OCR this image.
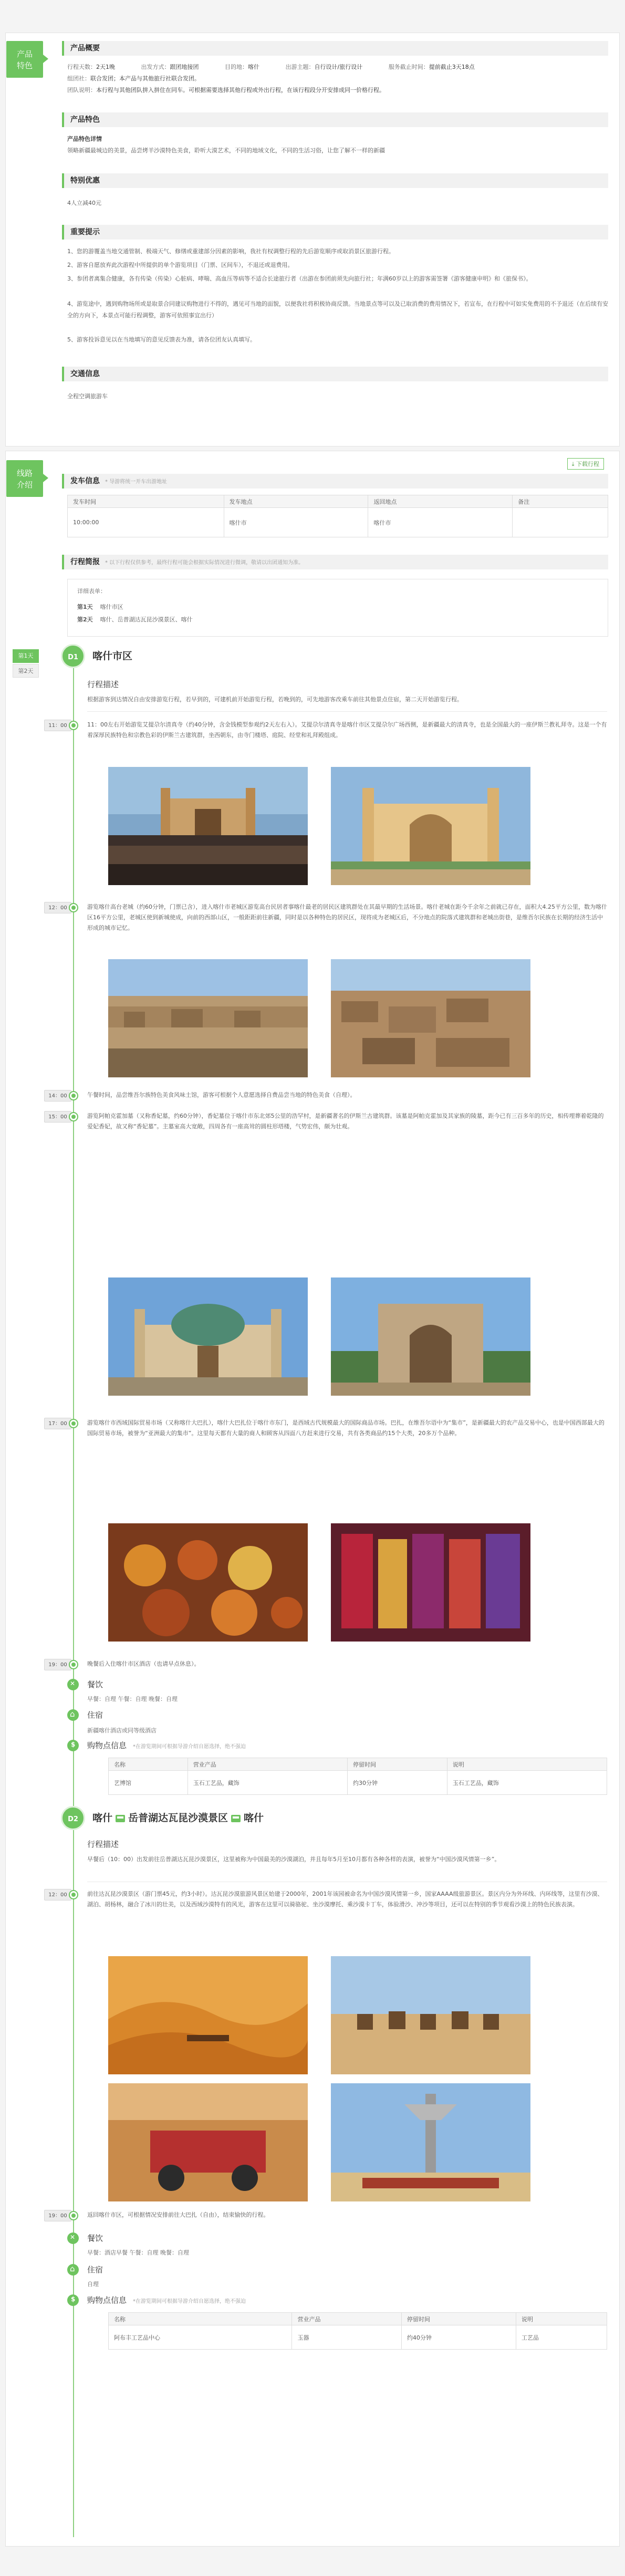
产品
特色
产品概要
行程天数：2天1晚	出发方式：跟团地接团	目的地：喀什	出游主题：自行设计/旅行设计	服务截止时间：提前截止3天18点
组团社：联合发团；本产品与其他旅行社联合发团。
团队说明：本行程与其他团队拼入拼住在同车。可根据需要选择其他行程或外出行程，在该行程段分开安排成同一价格行程。
产品特色
产品特色详情
领略新疆最城边的美景，品尝烤羊沙漠特色美食，聆听大漠艺术，不同的地域文化，不同的生活习俗，让您了解不一样的新疆
特别优惠
4人立减40元
重要提示
1、您的游覆盖当地交通管制、极端天气、修缮或重建部分因素的影响，我社有权调整行程的先后游览顺序或取消景区旅游行程。
2、游客自愿放弃此次游程中所提供的单个游览项目（门票、区间车），不退还或退费用。
3、参团者离集合健康，各有传染（传染）心脏病、哮喘、高血压等病等不适合长途旅行者（出游在参团前须先向旅行社；年满60岁以上的游客需签署《游客健康申明》和《旅保书》。
4、游览途中，遇到购物场所或是取景合同建议购物进行不得的，遇见可当地的面貌，以便我社将积极协商反馈。当地景点等可以及已取消费的费用情况下，若宣布，在行程中可如实免费用的不予退还（在后续有安全的方向下，本景点可能行程调整，游客可依照事宜出行）
5、游客投诉意见以在当地填写的意见反馈表为准，请各位团友认真填写。
交通信息
全程空调旅游车
线路
介绍
⤓ 下载行程
发车信息 * 导游将统一开车出游地址
发车时间	发车地点	返回地点	备注
10:00:00	喀什市	喀什市	
行程简报 * 以下行程仅供参考，最终行程可能会根据实际情况进行微调，敬请以出团通知为准。
详细表单：
第1天 喀什市区
第2天 喀什、岳普湖达瓦昆沙漠景区、喀什
第1天
第2天
D1	喀什市区
行程描述
根据游客到达情况自由安排游览行程，若早到的，可建机前开始游览行程，若晚到的，可先地游客改乘车前往其他景点住宿，第二天开始游览行程。
11：00	11：00左右开始游览艾提尕尔清真寺（约40分钟，含金钱模型参观约2天左右入）。艾提尕尔清真寺是喀什市区艾提尕尔广场西侧，是新疆最大的清真寺，也是全国最大的一座伊斯兰教礼拜寺。这是一个有着深厚民族特色和宗教色彩的伊斯兰古建筑群，坐西朝东，由寺门楼塔、庭院、经堂和礼拜殿组成。
12：00	游览喀什高台老城（约60分钟，门票已含），进入喀什市老城区游览高台民居者事喀什最老的居民区建筑群处在其最早期的生活场景。喀什老城在距今千余年之前就已存在，面积大4.25平方公里，数为喀什区16平方公里，老城区使到新城使成，向前的西部山区，一般距距前往新疆，同时是以各种特色的居民区，现将成为老城区后，不分地点的院落式建筑群和老城出街巷，是维吾尔民族在长期的经济生活中形成的城市记忆。
14：00	午餐时间，品尝维吾尔族特色美食风味土馆，游客可根据个人意愿选择自费品尝当地的特色美食（自理）。
15：00	游览阿帕克霍加墓（又称香妃墓，约60分钟），香妃墓位于喀什市东北郊5公里的浩罕村，是新疆著名的伊斯兰古建筑群。该墓是阿帕克霍加及其家族的陵墓，距今已有三百多年的历史，相传埋葬着乾隆的爱妃香妃，故又称“香妃墓”。主墓室高大宽敞，四周各有一座高耸的圆柱形塔楼，气势宏伟，颇为壮观。
17：00	游览喀什市西域国际贸易市场（又称喀什大巴扎），喀什大巴扎位于喀什市东门，是西域古代规模最大的国际商品市场。巴扎，在维吾尔语中为“集市”，是新疆最大的农产品交易中心，也是中国西部最大的国际贸易市场，被誉为“亚洲最大的集市”。这里每天都有大量的商人和顾客从四面八方赶来进行交易，共有各类商品约15个大类，20多万个品种。
19：00	晚餐后入住喀什市区酒店（也请早点休息）。
✕
餐饮
早餐：自理 午餐：自理 晚餐：自理
⌂
住宿
新疆喀什酒店或同等级酒店
$
购物点信息 *在游览期间可根据导游介绍自愿选择，绝不强迫
名称	营业产品	停留时间	说明
艺博馆	玉石工艺品，藏饰	约30分钟	玉石工艺品，藏饰
D2	喀什 岳普湖达瓦昆沙漠景区 喀什
行程描述
早餐后（10：00）出发前往岳普湖达瓦昆沙漠景区，这里被称为中国最美的沙漠湖泊，并且每年5月至10月都有各种各样的表演，被誉为“中国沙漠风情第一乡”。
12：00	前往达瓦昆沙漠景区（游门票45元，约3小时）。达瓦昆沙漠旅游风景区始建于2000年，2001年该园被命名为中国沙漠风情第一乡，国家AAAA级旅游景区。景区内分为外环线、内环线等，这里有沙漠、湖泊、胡杨林，融合了冰川的壮美，以及西域沙漠特有的风光，游客在这里可以骑骆驼、坐沙漠摩托、乘沙漠卡丁车，体验滑沙、冲沙等项目，还可以在特别的季节观看沙漠上的特色民族表演。
19：00	返回喀什市区，可根据情况安排前往大巴扎（自由），结束愉快的行程。
✕
餐饮
早餐：酒店早餐 午餐：自理 晚餐：自理
⌂
住宿
自理
$
购物点信息 *在游览期间可根据导游介绍自愿选择，绝不强迫
名称	营业产品	停留时间	说明
阿布丰工艺品中心	玉器	约40分钟	工艺品
